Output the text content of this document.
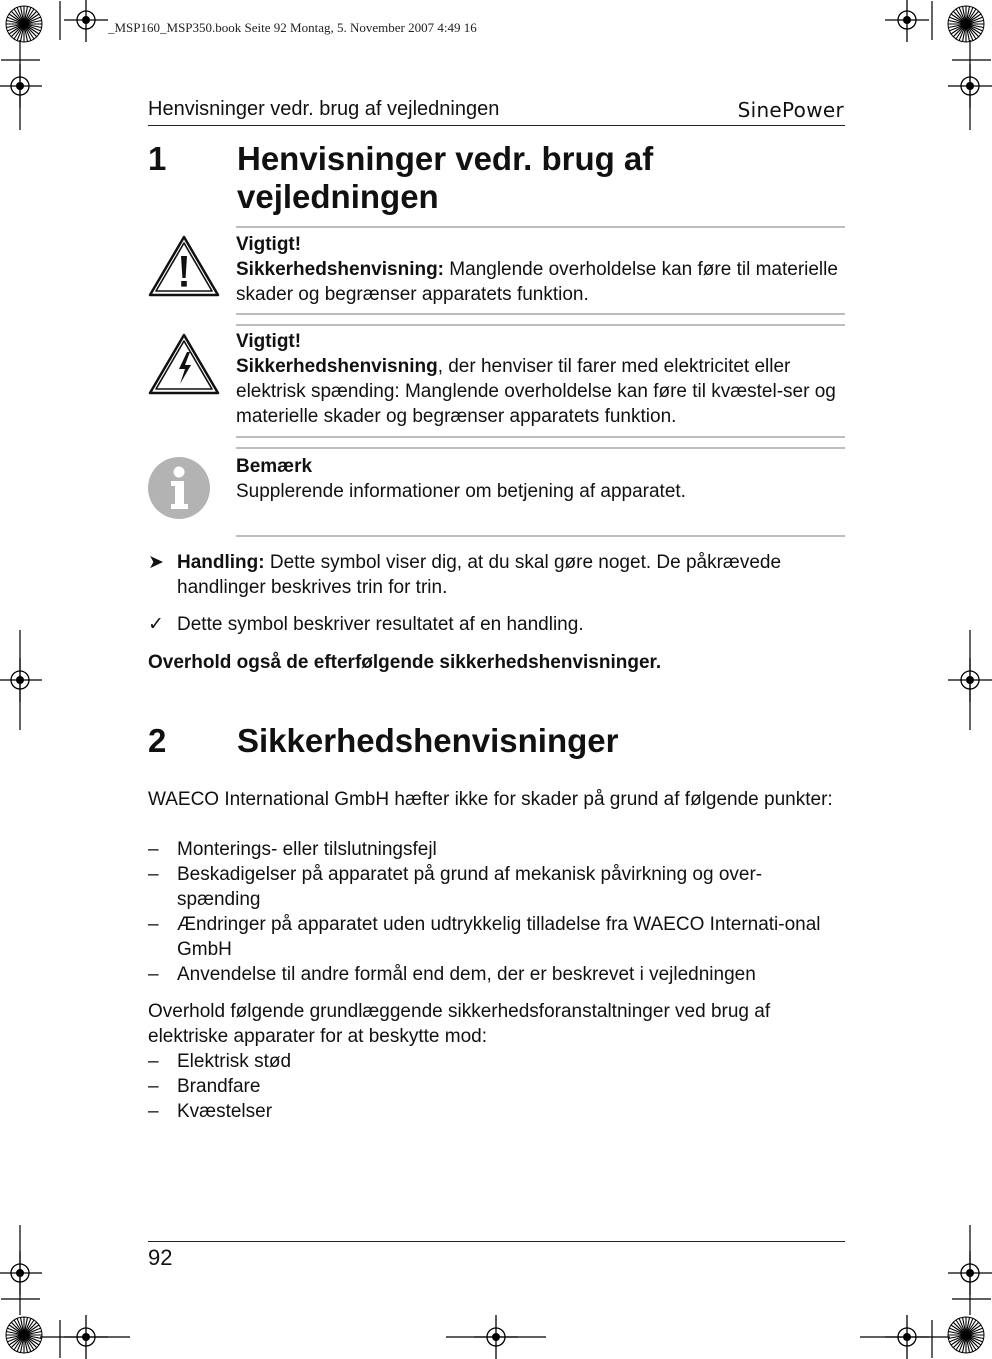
_MSP160_MSP350.book Seite 92 Montag, 5. November 2007 4:49 16
Henvisninger vedr. brug af vejledningen	SinePower
1 Henvisninger vedr. brug af vejledningen
Vigtigt!
Sikkerhedshenvisning: Manglende overholdelse kan føre til materielle skader og begrænser apparatets funktion.
Vigtigt!
Sikkerhedshenvisning, der henviser til farer med elektricitet eller elektrisk spænding: Manglende overholdelse kan føre til kvæstel-ser og materielle skader og begrænser apparatets funktion.
Bemærk
Supplerende informationer om betjening af apparatet.
➤ Handling: Dette symbol viser dig, at du skal gøre noget. De påkrævede handlinger beskrives trin for trin.
✓ Dette symbol beskriver resultatet af en handling.
Overhold også de efterfølgende sikkerhedshenvisninger.
2 Sikkerhedshenvisninger
WAECO International GmbH hæfter ikke for skader på grund af følgende punkter:
– Monterings- eller tilslutningsfejl
– Beskadigelser på apparatet på grund af mekanisk påvirkning og over-spænding
– Ændringer på apparatet uden udtrykkelig tilladelse fra WAECO Internati-onal GmbH
– Anvendelse til andre formål end dem, der er beskrevet i vejledningen
Overhold følgende grundlæggende sikkerhedsforanstaltninger ved brug af elektriske apparater for at beskytte mod:
– Elektrisk stød
– Brandfare
– Kvæstelser
92
